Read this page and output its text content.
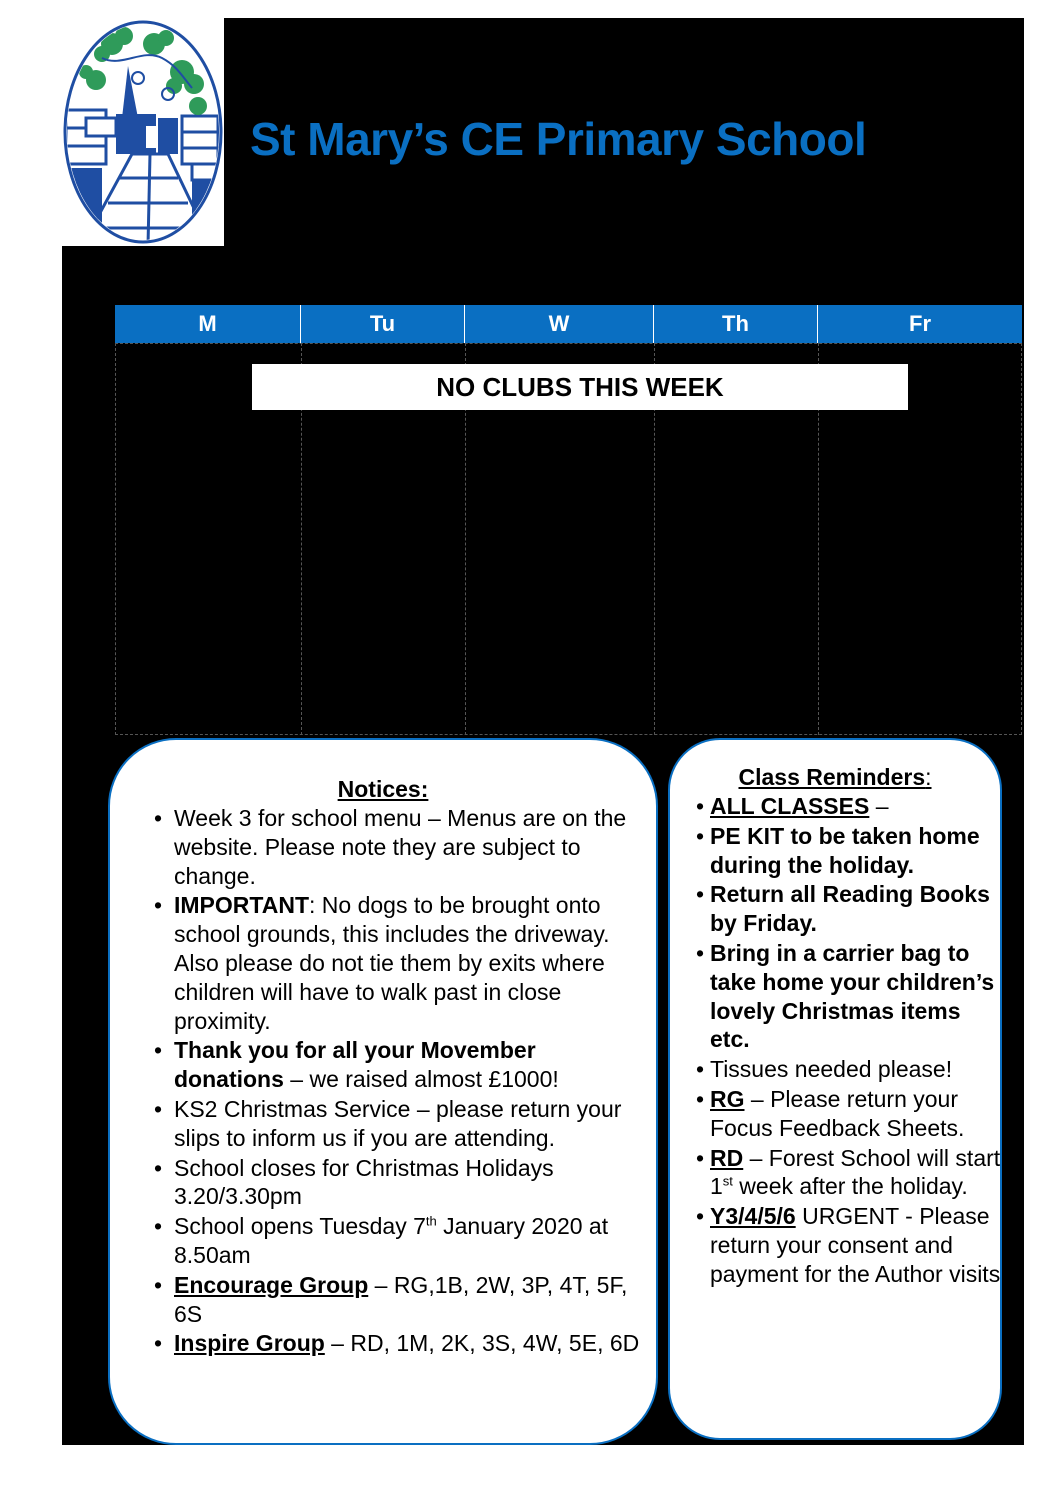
St Mary’s CE Primary School
M	Tu	W	Th	Fr
NO CLUBS THIS WEEK

Notices:

• Week 3 for school menu – Menus are on the website. Please note they are subject to change.
• IMPORTANT: No dogs to be brought onto school grounds, this includes the driveway. Also please do not tie them by exits where children will have to walk past in close proximity.
• Thank you for all your Movember donations – we raised almost £1000!
• KS2 Christmas Service – please return your slips to inform us if you are attending.
• School closes for Christmas Holidays 3.20/3.30pm
• School opens Tuesday 7th January 2020 at 8.50am
• Encourage Group – RG,1B, 2W, 3P, 4T, 5F, 6S
• Inspire Group – RD, 1M, 2K, 3S, 4W, 5E, 6D

Class Reminders:

• ALL CLASSES –
• PE KIT to be taken home during the holiday.
• Return all Reading Books by Friday.
• Bring in a carrier bag to take home your children’s lovely Christmas items etc.
• Tissues needed please!
• RG – Please return your Focus Feedback Sheets.
• RD – Forest School will start 1st week after the holiday.
• Y3/4/5/6 URGENT - Please return your consent and payment for the Author visits
